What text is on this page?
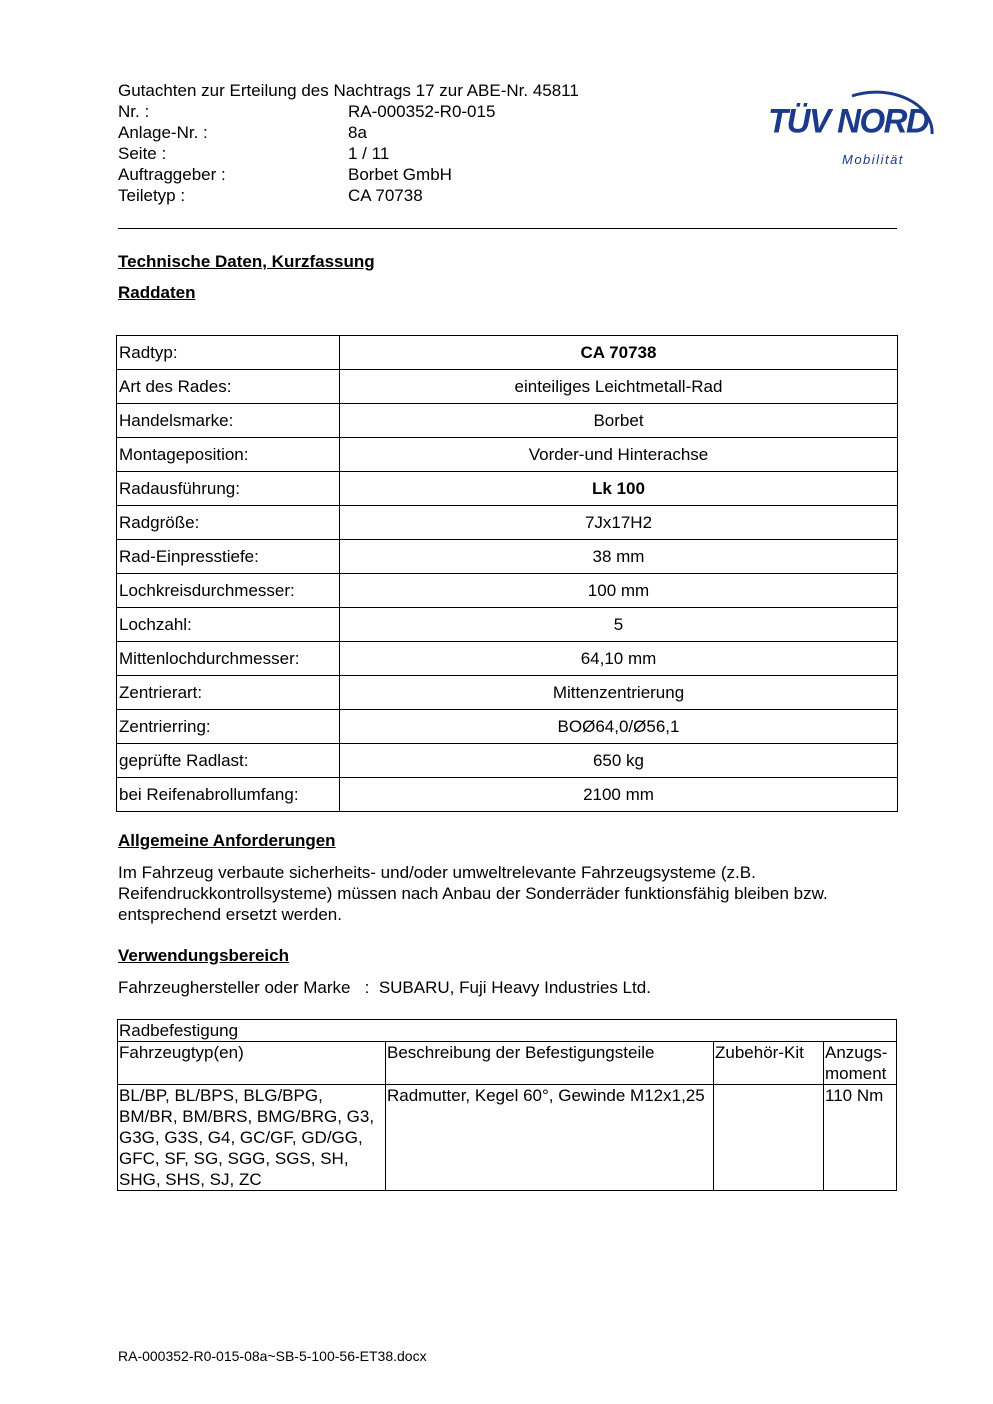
Gutachten zur Erteilung des Nachtrags 17 zur ABE-Nr. 45811
Nr. :	RA-000352-R0-015
Anlage-Nr. :	8a
Seite :	1 / 11
Auftraggeber :	Borbet GmbH
Teiletyp :	CA 70738
TÜV NORD
Mobilität
Technische Daten, Kurzfassung
Raddaten
Radtyp:	CA 70738
Art des Rades:	einteiliges Leichtmetall-Rad
Handelsmarke:	Borbet
Montageposition:	Vorder-und Hinterachse
Radausführung:	Lk 100
Radgröße:	7Jx17H2
Rad-Einpresstiefe:	38 mm
Lochkreisdurchmesser:	100 mm
Lochzahl:	5
Mittenlochdurchmesser:	64,10 mm
Zentrierart:	Mittenzentrierung
Zentrierring:	BOØ64,0/Ø56,1
geprüfte Radlast:	650 kg
bei Reifenabrollumfang:	2100 mm
Allgemeine Anforderungen
Im Fahrzeug verbaute sicherheits- und/oder umweltrelevante Fahrzeugsysteme (z.B. Reifendruckkontrollsysteme) müssen nach Anbau der Sonderräder funktionsfähig bleiben bzw. entsprechend ersetzt werden.
Verwendungsbereich
Fahrzeughersteller oder Marke : SUBARU, Fuji Heavy Industries Ltd.
Radbefestigung			
Fahrzeugtyp(en)	Beschreibung der Befestigungsteile	Zubehör-Kit	Anzugs- moment
BL/BP, BL/BPS, BLG/BPG, BM/BR, BM/BRS, BMG/BRG, G3, G3G, G3S, G4, GC/GF, GD/GG, GFC, SF, SG, SGG, SGS, SH, SHG, SHS, SJ, ZC	Radmutter, Kegel 60°, Gewinde M12x1,25		110 Nm
RA-000352-R0-015-08a~SB-5-100-56-ET38.docx
